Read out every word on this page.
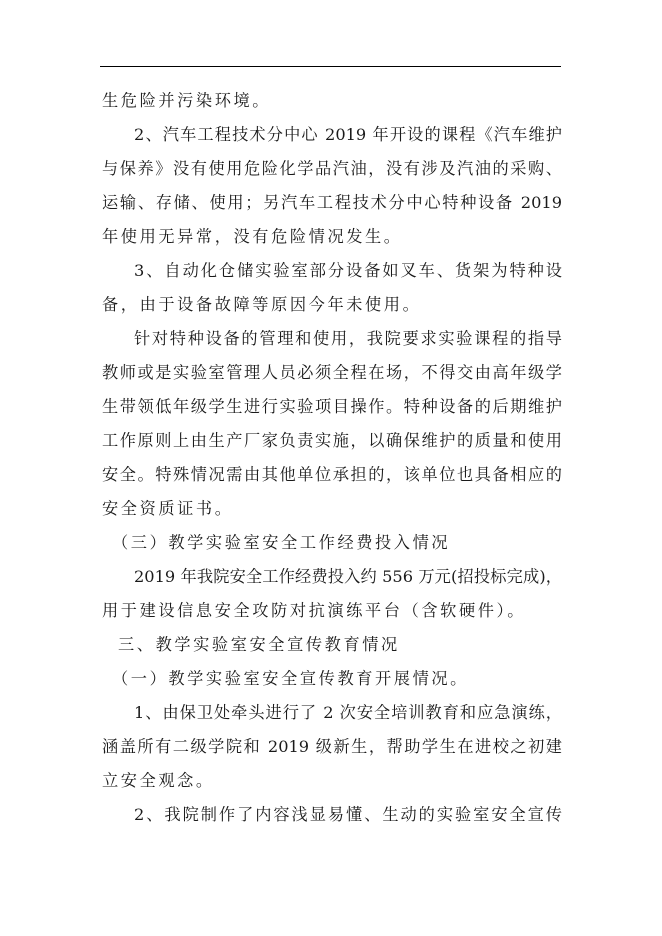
生危险并污染环境。
2、汽车工程技术分中心 2019 年开设的课程《汽车维护
与保养》没有使用危险化学品汽油，没有涉及汽油的采购、
运输、存储、使用；另汽车工程技术分中心特种设备 2019
年使用无异常，没有危险情况发生。
3、自动化仓储实验室部分设备如叉车、货架为特种设
备，由于设备故障等原因今年未使用。
针对特种设备的管理和使用，我院要求实验课程的指导
教师或是实验室管理人员必须全程在场，不得交由高年级学
生带领低年级学生进行实验项目操作。特种设备的后期维护
工作原则上由生产厂家负责实施，以确保维护的质量和使用
安全。特殊情况需由其他单位承担的，该单位也具备相应的
安全资质证书。
（三）教学实验室安全工作经费投入情况
2019 年我院安全工作经费投入约 556 万元(招投标完成)，
用于建设信息安全攻防对抗演练平台（含软硬件）。
三、教学实验室安全宣传教育情况
（一）教学实验室安全宣传教育开展情况。
1、由保卫处牵头进行了 2 次安全培训教育和应急演练，
涵盖所有二级学院和 2019 级新生，帮助学生在进校之初建
立安全观念。
2、我院制作了内容浅显易懂、生动的实验室安全宣传
